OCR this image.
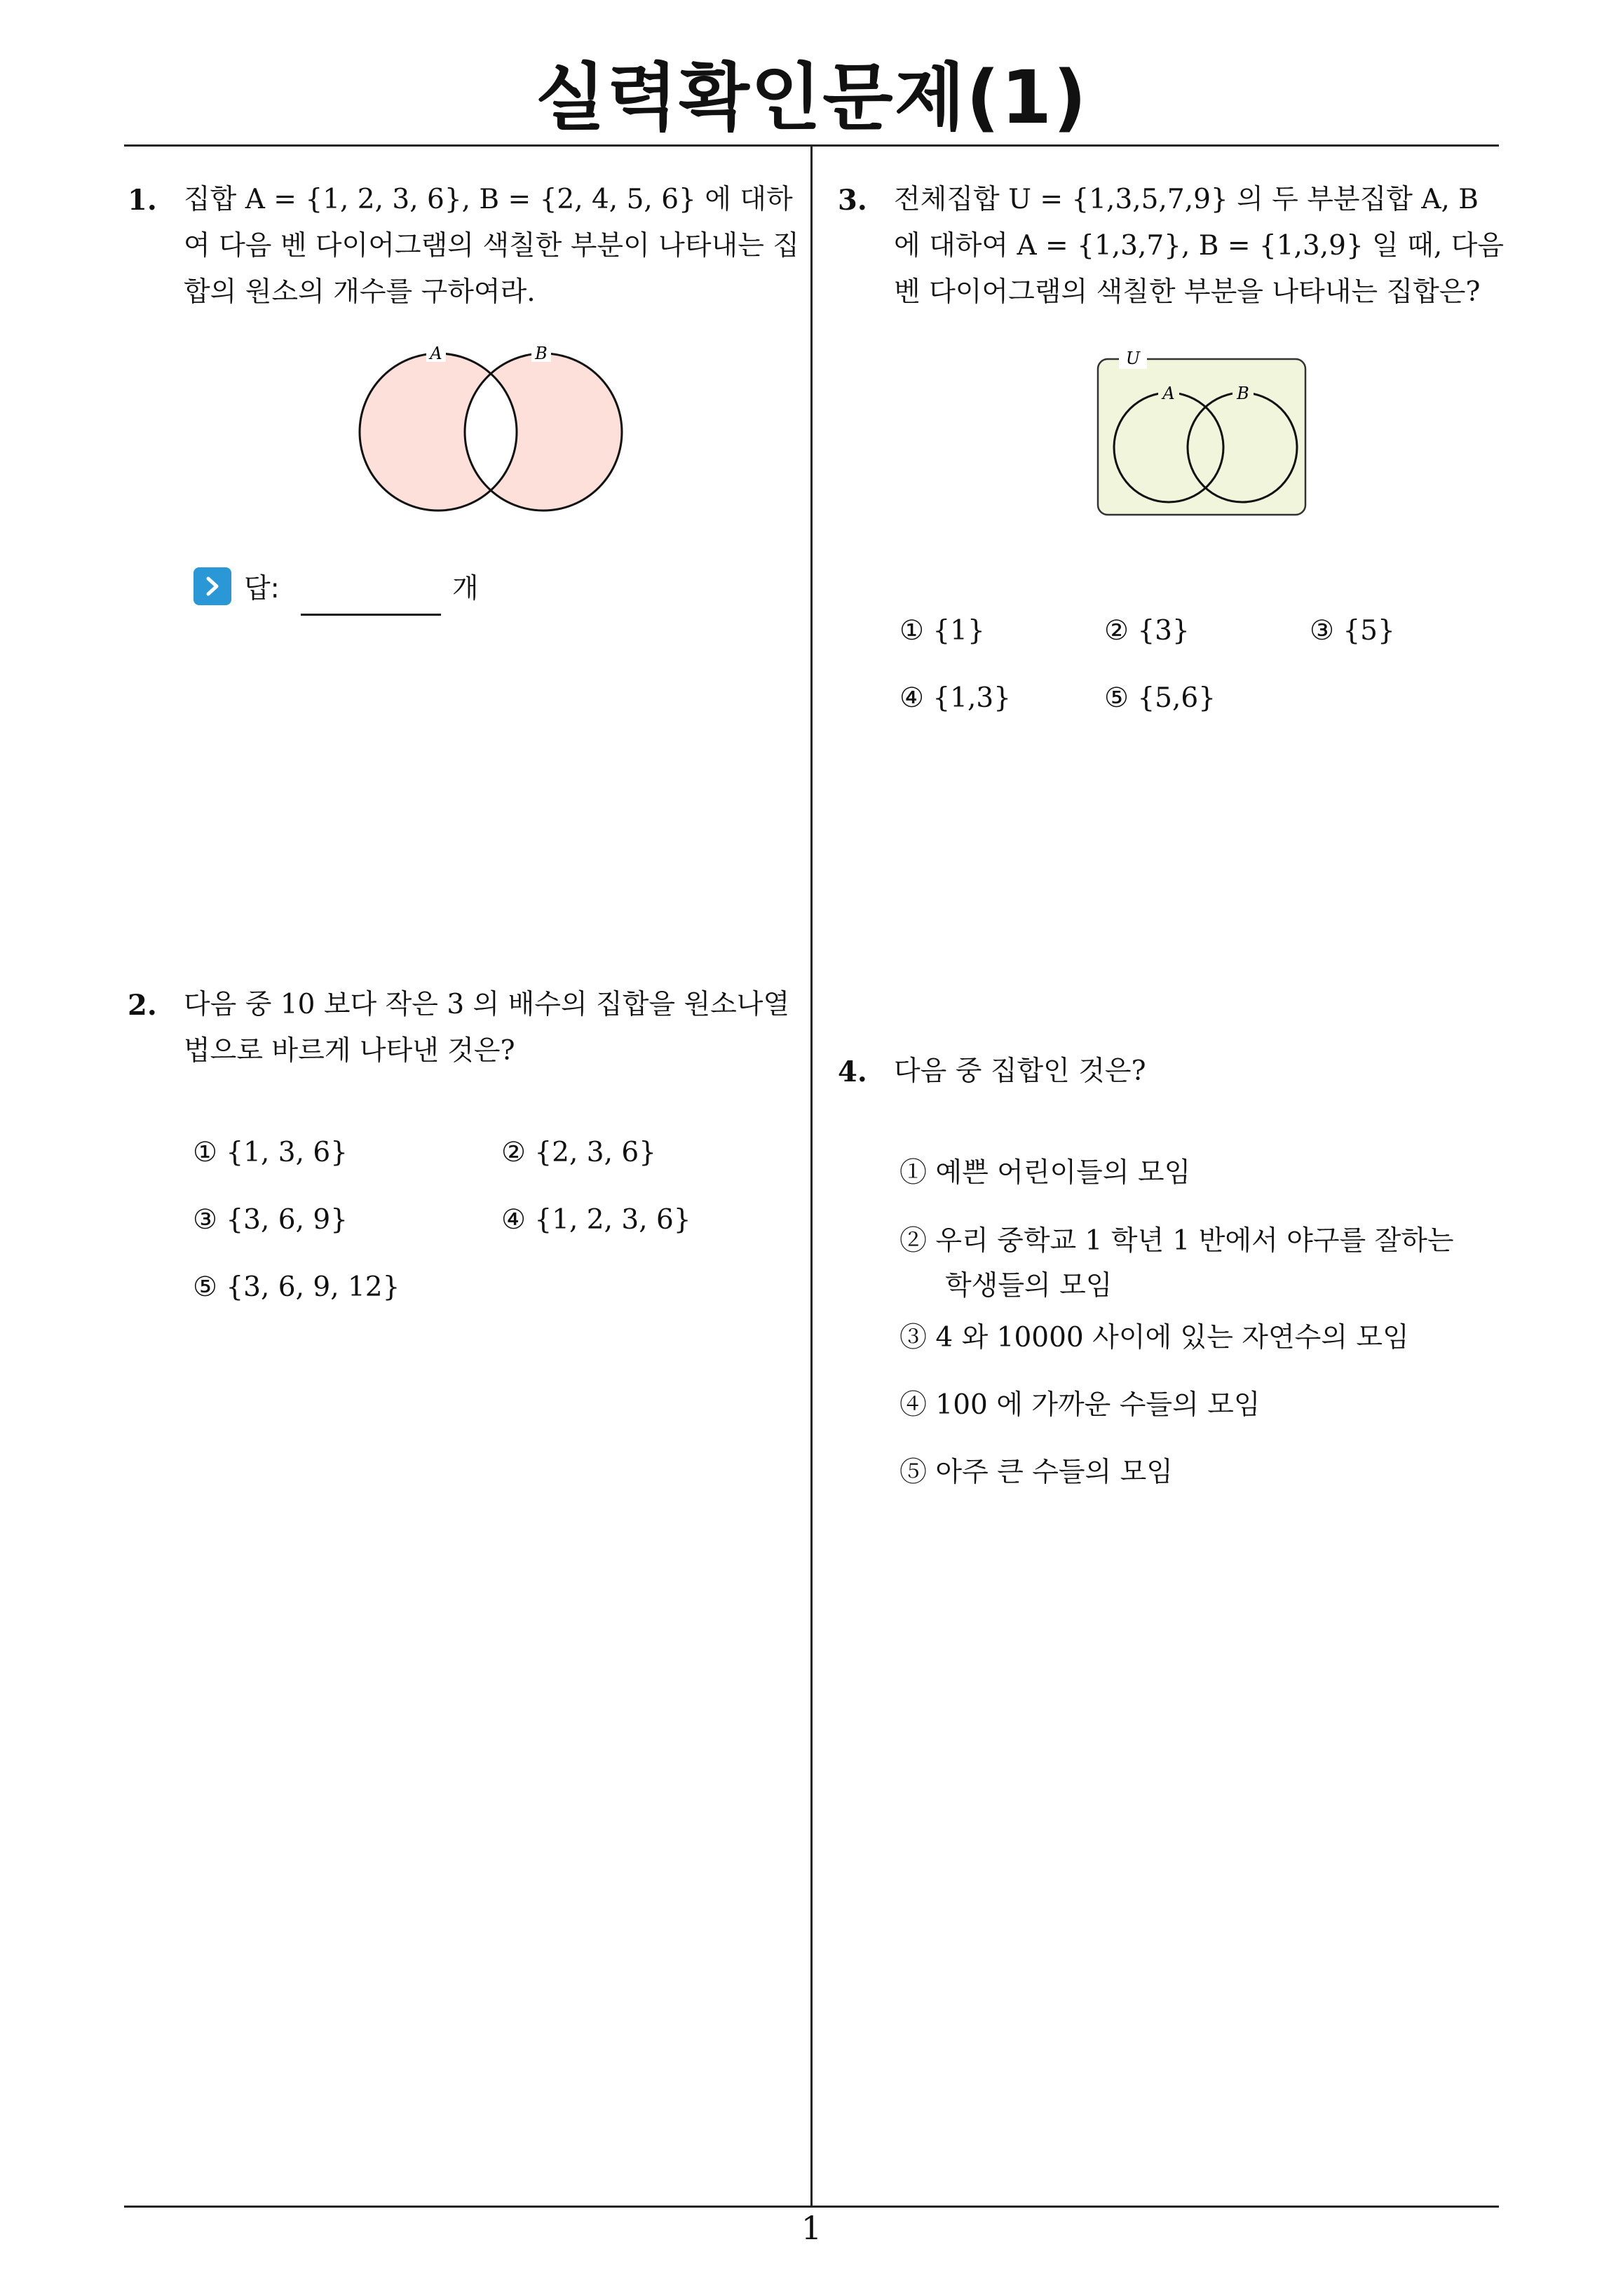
실력확인문제(1)
1. 집합 A = {1, 2, 3, 6}, B = {2, 4, 5, 6} 에 대하여 다음 벤 다이어그램의 색칠한 부분이 나타내는 집합의 원소의 개수를 구하여라.
A	B
답:	개
2. 다음 중 10 보다 작은 3 의 배수의 집합을 원소나열법으로 바르게 나타낸 것은?
① {1, 3, 6}	② {2, 3, 6}
③ {3, 6, 9}	④ {1, 2, 3, 6}
⑤ {3, 6, 9, 12}
3. 전체집합 U = {1,3,5,7,9} 의 두 부분집합 A, B 에 대하여 A = {1,3,7}, B = {1,3,9} 일 때, 다음 벤 다이어그램의 색칠한 부분을 나타내는 집합은?
U
A	B
① {1}	② {3}	③ {5}
④ {1,3}	⑤ {5,6}
4. 다음 중 집합인 것은?
① 예쁜 어린이들의 모임
② 우리 중학교 1 학년 1 반에서 야구를 잘하는
학생들의 모임
③ 4 와 10000 사이에 있는 자연수의 모임
④ 100 에 가까운 수들의 모임
⑤ 아주 큰 수들의 모임
1
